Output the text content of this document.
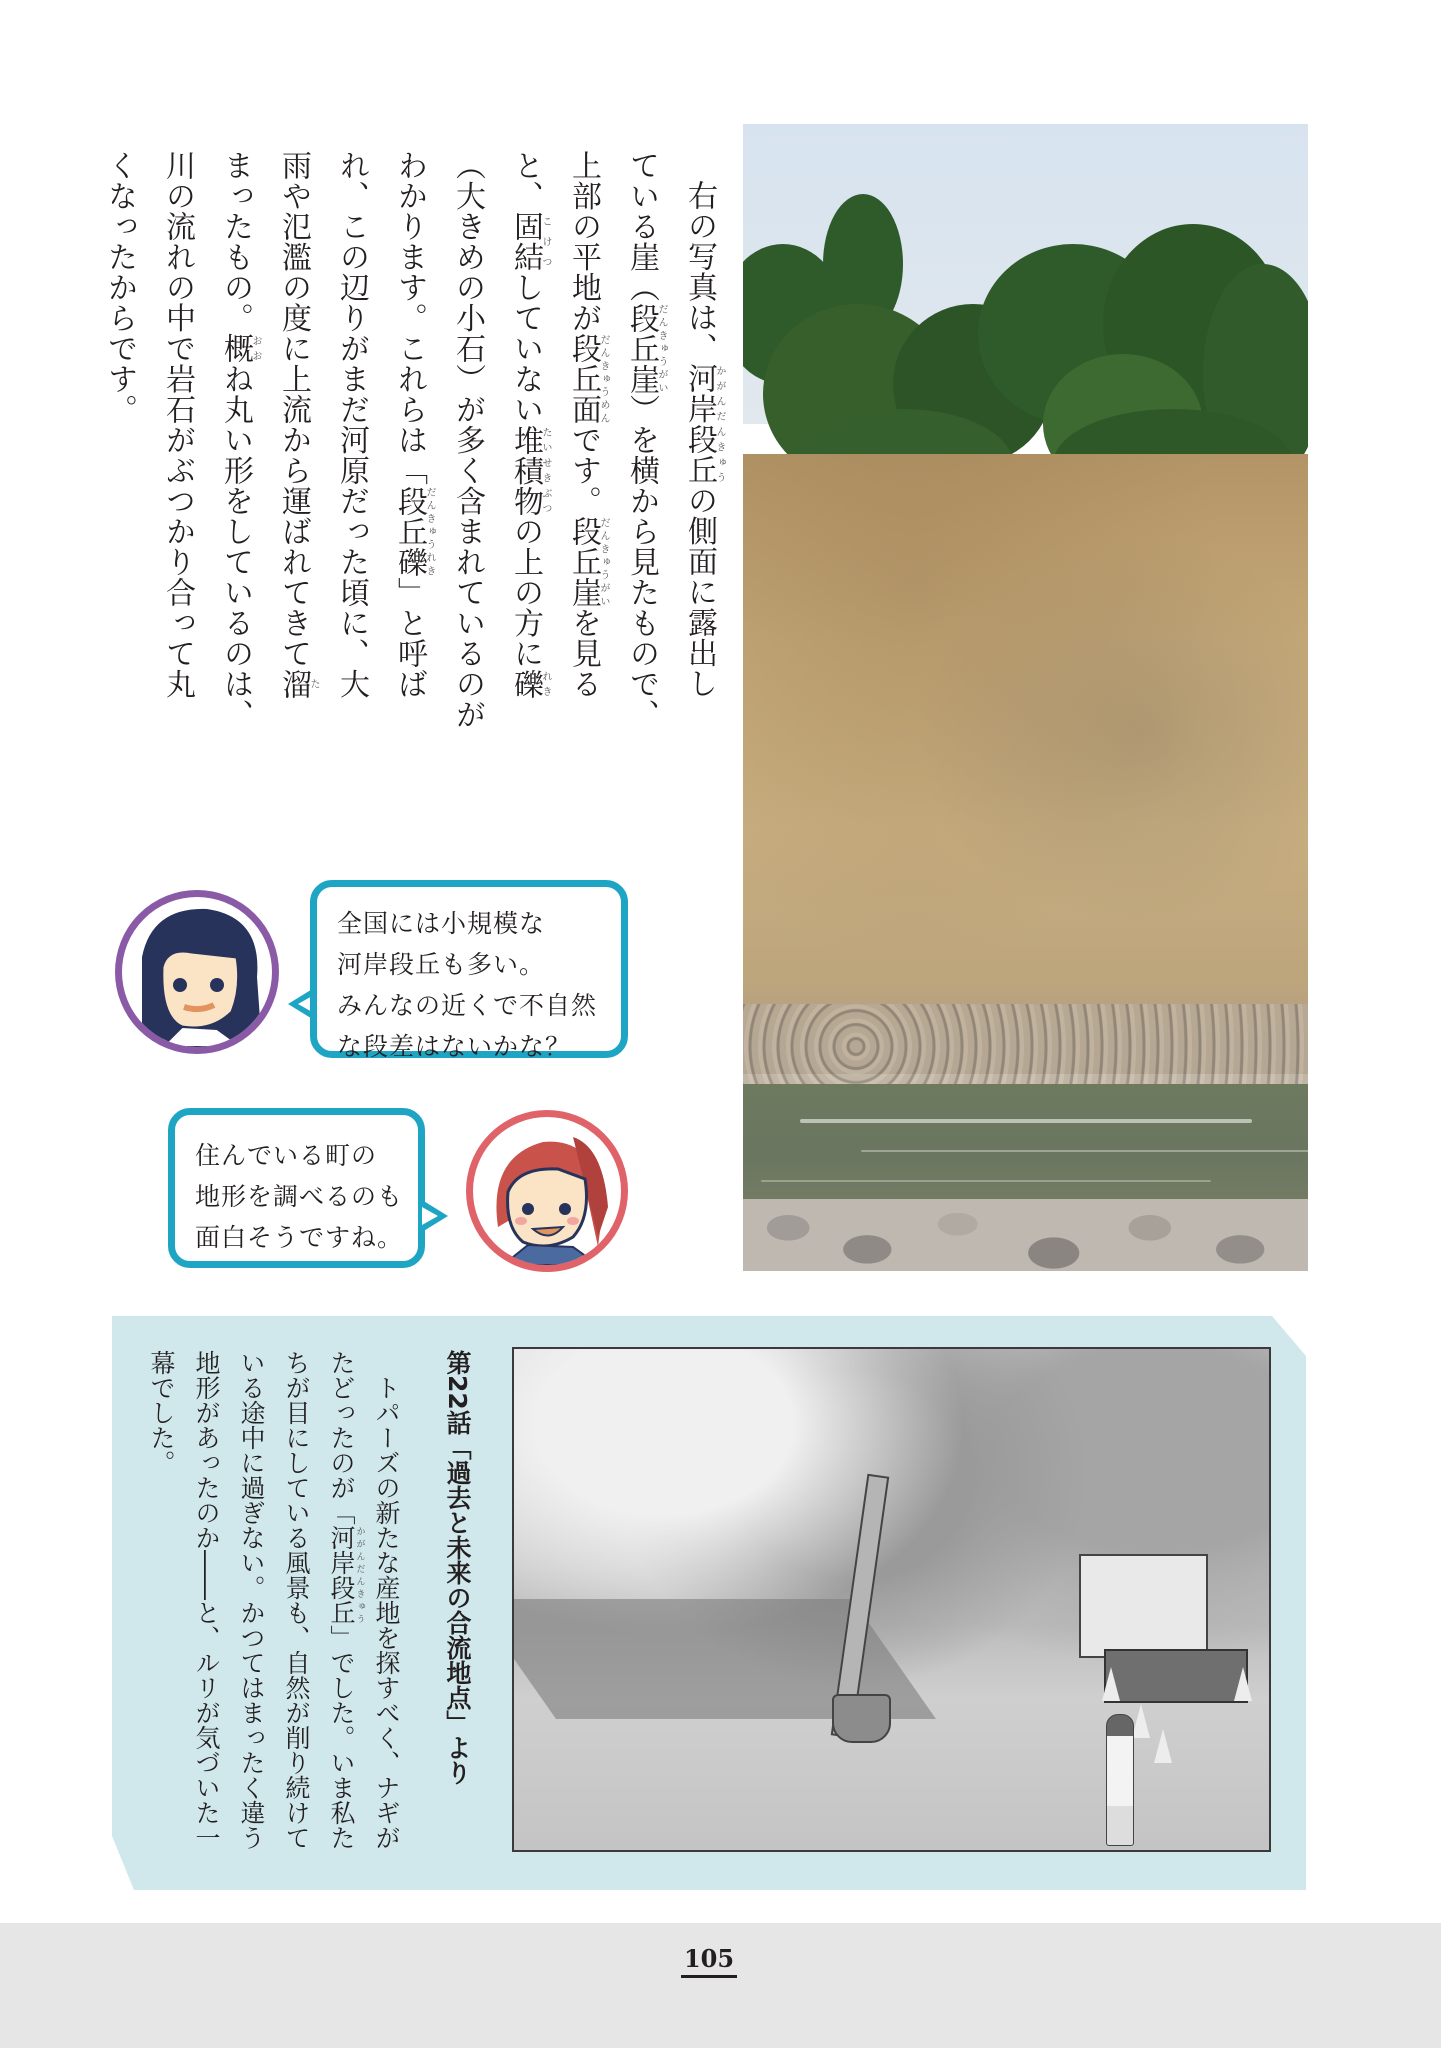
右の写真は、河岸段丘かがんだんきゅうの側面に露出し
ている崖（段丘崖だんきゅうがい）を横から見たもので、
上部の平地が段丘面だんきゅうめんです。段丘崖だんきゅうがいを見る
と、固結こけつしていない堆積物たいせきぶつの上の方に礫れき
（大きめの小石）が多く含まれているのが
わかります。これらは「段丘礫だんきゅうれき」と呼ば
れ、この辺りがまだ河原だった頃に、大
雨や氾濫の度に上流から運ばれてきて溜た
まったもの。概おおね丸い形をしているのは、
川の流れの中で岩石がぶつかり合って丸
くなったからです。

全国には小規模な
河岸段丘も多い。
みんなの近くで不自然
な段差はないかな？
住んでいる町の
地形を調べるのも
面白そうですね。
第22話「過去と未来の合流地点」より

トパーズの新たな産地を探すべく、ナギが
たどったのが「河岸段丘かがんだんきゅう」でした。いま私た
ちが目にしている風景も、自然が削り続けて
いる途中に過ぎない。かつてはまったく違う
地形があったのか――と、ルリが気づいた一
幕でした。

105
